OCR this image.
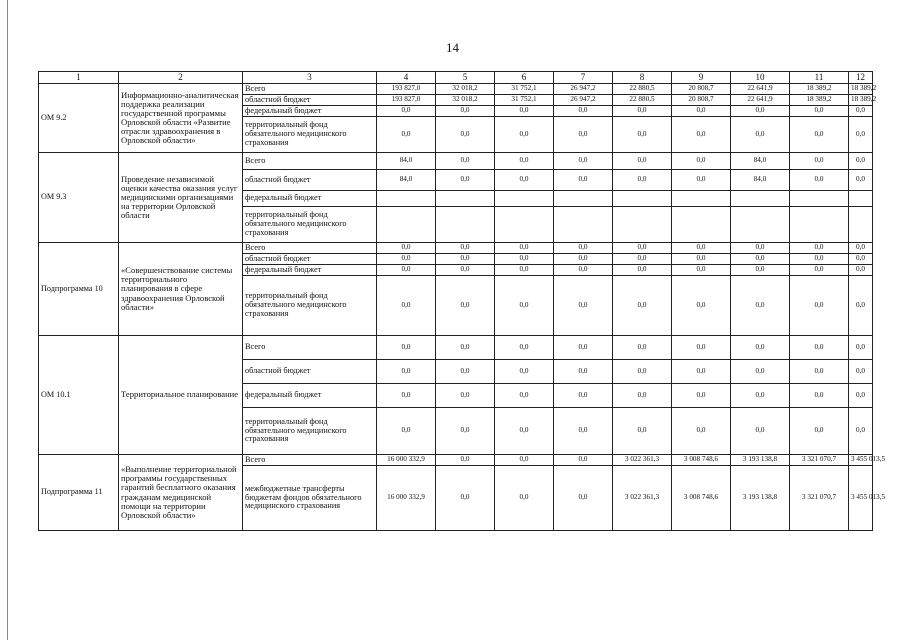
14
1	2	3	4	5	6	7	8	9	10	11	12
ОМ 9.2	Информационно-аналитическая поддержка реализации государственной программы Орловской области «Развитие отрасли здравоохранения в Орловской области»	Всего	193 827,0	32 018,2	31 752,1	26 947,2	22 880,5	20 808,7	22 641,9	18 389,2	18 389,2
		областной бюджет	193 827,0	32 018,2	31 752,1	26 947,2	22 880,5	20 808,7	22 641,9	18 389,2	18 389,2
		федеральный бюджет	0,0	0,0	0,0	0,0	0,0	0,0	0,0	0,0	0,0
		территориальный фонд обязательного медицинского страхования	0,0	0,0	0,0	0,0	0,0	0,0	0,0	0,0	0,0
ОМ 9.3	Проведение независимой оценки качества оказания услуг медицинскими организациями на территории Орловской области	Всего	84,0	0,0	0,0	0,0	0,0	0,0	84,0	0,0	0,0
		областной бюджет	84,0	0,0	0,0	0,0	0,0	0,0	84,0	0,0	0,0
		федеральный бюджет									
		территориальный фонд обязательного медицинского страхования									
Подпрограмма 10	«Совершенствование системы территориального планирования в сфере здравоохранения Орловской области»	Всего	0,0	0,0	0,0	0,0	0,0	0,0	0,0	0,0	0,0
		областной бюджет	0,0	0,0	0,0	0,0	0,0	0,0	0,0	0,0	0,0
		федеральный бюджет	0,0	0,0	0,0	0,0	0,0	0,0	0,0	0,0	0,0
		территориальный фонд обязательного медицинского страхования	0,0	0,0	0,0	0,0	0,0	0,0	0,0	0,0	0,0
ОМ 10.1	Территориальное планирование	Всего	0,0	0,0	0,0	0,0	0,0	0,0	0,0	0,0	0,0
		областной бюджет	0,0	0,0	0,0	0,0	0,0	0,0	0,0	0,0	0,0
		федеральный бюджет	0,0	0,0	0,0	0,0	0,0	0,0	0,0	0,0	0,0
		территориальный фонд обязательного медицинского страхования	0,0	0,0	0,0	0,0	0,0	0,0	0,0	0,0	0,0
Подпрограмма 11	«Выполнение территориальной программы государственных гарантий бесплатного оказания гражданам медицинской помощи на территории Орловской области»	Всего	16 000 332,9	0,0	0,0	0,0	3 022 361,3	3 008 748,6	3 193 138,8	3 321 070,7	3 455 013,5
		межбюджетные трансферты бюджетам фондов обязательного медицинского страхования	16 000 332,9	0,0	0,0	0,0	3 022 361,3	3 008 748,6	3 193 138,8	3 321 070,7	3 455 013,5
